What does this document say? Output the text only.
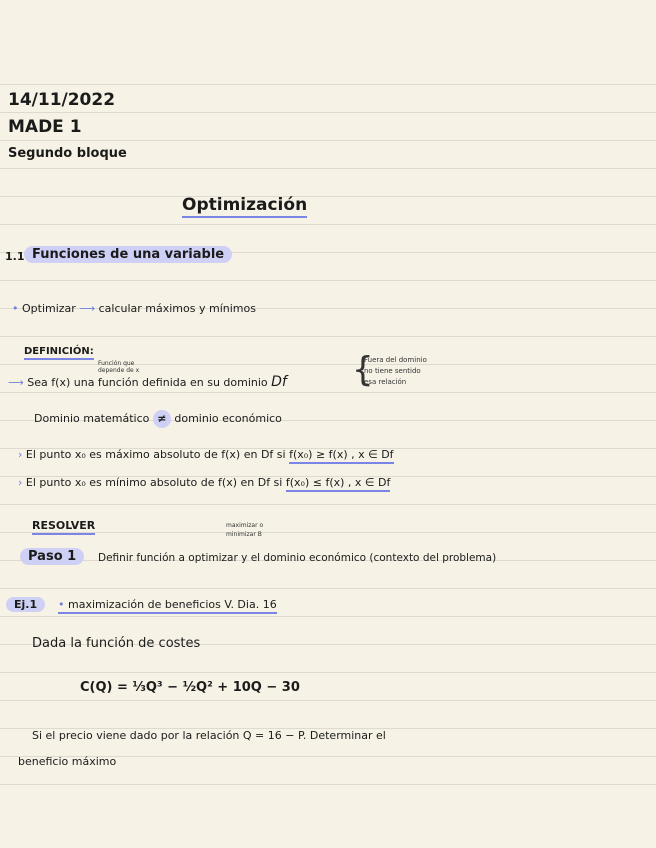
14/11/2022
MADE 1
Segundo bloque
Optimización
1.1 Funciones de una variable
• Optimizar ⟶ calcular máximos y mínimos
DEFINICIÓN:
Función que
depende de x
⟶ Sea f(x) una función definida en su dominio Df {
Fuera del dominio
no tiene sentido
esa relación
Dominio matemático ≠ dominio económico
› El punto x₀ es máximo absoluto de f(x) en Df si f(x₀) ≥ f(x) , x ∈ Df
› El punto x₀ es mínimo absoluto de f(x) en Df si f(x₀) ≤ f(x) , x ∈ Df
RESOLVER	maximizar o
minimizar B
Paso 1	Definir función a optimizar y el dominio económico (contexto del problema)
Ej.1	• maximización de beneficios V. Dia. 16
Dada la función de costes
C(Q) = ⅓Q³ − ½Q² + 10Q − 30
Si el precio viene dado por la relación Q = 16 − P. Determinar el
beneficio máximo
